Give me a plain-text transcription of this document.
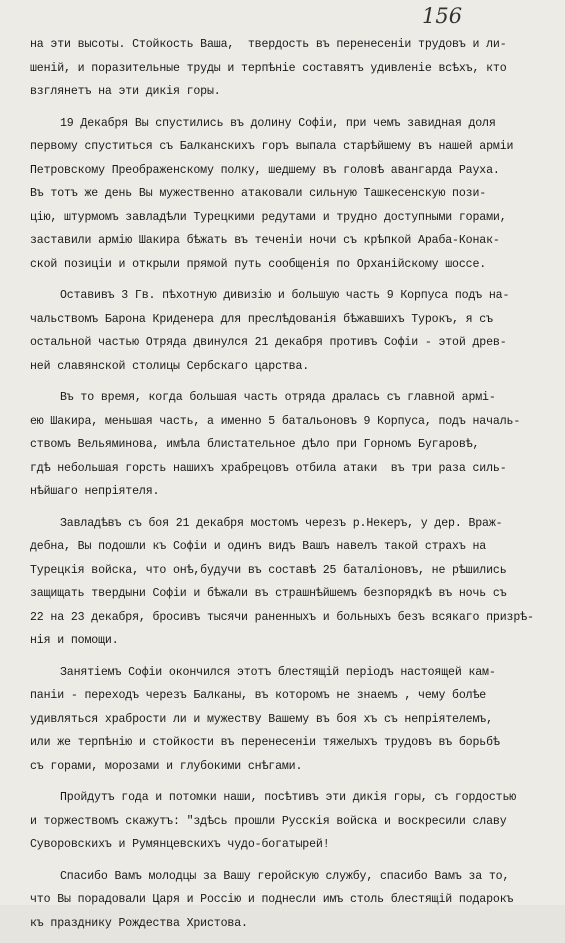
156
на эти высоты. Стойкость Ваша,  твердость въ перенесенiи трудовъ и ли-
шенiй, и поразительные труды и терпѣнiе составятъ удивленiе всѣхъ, кто
взглянетъ на эти дикiя горы.
19 Декабря Вы спустились въ долину Софiи, при чемъ завидная доля
первому спуститься съ Балканскихъ горъ выпала старѣйшему въ нашей армiи
Петровскому Преображенскому полку, шедшему въ головѣ авангарда Рауха.
Въ тотъ же день Вы мужественно атаковали сильную Ташкесенскую пози-
цiю, штурмомъ завладѣли Турецкими редутами и трудно доступными горами,
заставили армiю Шакира бѣжать въ теченiи ночи съ крѣпкой Араба-Конак-
ской позицiи и открыли прямой путь сообщенiя по Орханiйскому шоссе.
Оставивъ 3 Гв. пѣхотную дивизiю и большую часть 9 Корпуса подъ на-
чальствомъ Барона Криденера для преслѣдованiя бѣжавшихъ Турокъ, я съ
остальной частью Отряда двинулся 21 декабря противъ Софiи - этой древ-
ней славянской столицы Сербскаго царства.
Въ то время, когда большая часть отряда дралась съ главной армi-
ею Шакира, меньшая часть, а именно 5 батальоновъ 9 Корпуса, подъ началь-
ствомъ Вельяминова, имѣла блистательное дѣло при Горномъ Бугаровѣ,
гдѣ небольшая горсть нашихъ храбрецовъ отбила атаки  въ три раза силь-
нѣйшаго непрiятеля.
Завладѣвъ съ боя 21 декабря мостомъ черезъ р.Некеръ, у дер. Враж-
дебна, Вы подошли къ Софiи и одинъ видъ Вашъ навелъ такой страхъ на
Турецкiя войска, что онѣ,будучи въ составѣ 25 баталiоновъ, не рѣшились
защищать твердыни Софiи и бѣжали въ страшнѣйшемъ безпорядкѣ въ ночь съ
22 на 23 декабря, бросивъ тысячи раненныхъ и больныхъ безъ всякаго призрѣ-
нiя и помощи.
Занятiемъ Софiи окончился этотъ блестящiй перiодъ настоящей кам-
панiи - переходъ черезъ Балканы, въ которомъ не знаемъ , чему болѣе
удивляться храбрости ли и мужеству Вашему въ боя хъ съ непрiятелемъ,
или же терпѣнiю и стойкости въ перенесенiи тяжелыхъ трудовъ въ борьбѣ
съ горами, морозами и глубокими снѣгами.
Пройдутъ года и потомки наши, посѣтивъ эти дикiя горы, съ гордостью
и торжествомъ скажутъ: "здѣсь прошли Русскiя войска и воскресили славу
Суворовскихъ и Румянцевскихъ чудо-богатырей!
Спасибо Вамъ молодцы за Вашу геройскую службу, спасибо Вамъ за то,
что Вы порадовали Царя и Россiю и поднесли имъ столь блестящiй подарокъ
къ празднику Рождества Христова.
